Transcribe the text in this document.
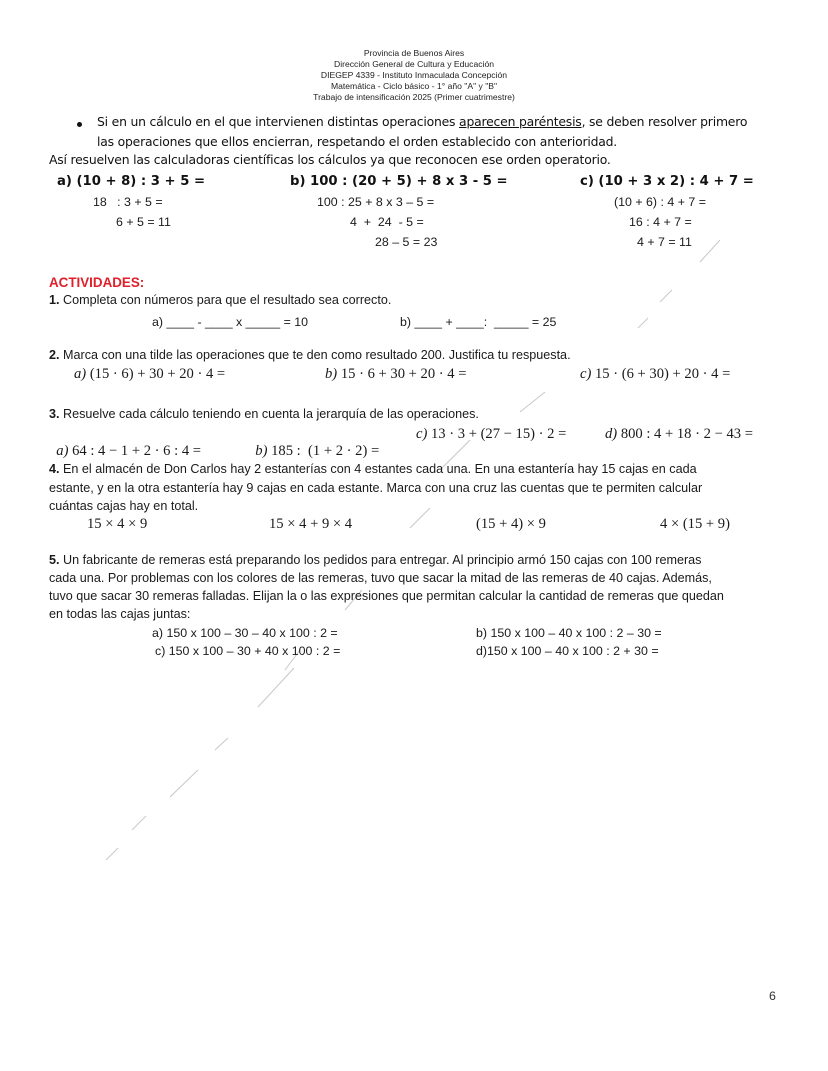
Provincia de Buenos Aires
Dirección General de Cultura y Educación
DIEGEP 4339 - Instituto Inmaculada Concepción
Matemática - Ciclo básico - 1° año "A" y "B"
Trabajo de intensificación 2025 (Primer cuatrimestre)
Si en un cálculo en el que intervienen distintas operaciones aparecen paréntesis, se deben resolver primero
las operaciones que ellos encierran, respetando el orden establecido con anterioridad.
Así resuelven las calculadoras científicas los cálculos ya que reconocen ese orden operatorio.
a) (10 + 8) : 3 + 5 =
18   : 3 + 5 =
6 + 5 = 11
b) 100 : (20 + 5) + 8 x 3 - 5 =
100 : 25 + 8 x 3 – 5 =
4  +  24  - 5 =
28 – 5 = 23
c) (10 + 3 x 2) : 4 + 7 =
(10 + 6) : 4 + 7 =
16 : 4 + 7 =
4 + 7 = 11
ACTIVIDADES:
1. Completa con números para que el resultado sea correcto.
a) ____ - ____ x _____ = 10	b) ____ + ____:  _____ = 25
2. Marca con una tilde las operaciones que te den como resultado 200. Justifica tu respuesta.
a) (15 · 6) + 30 + 20 · 4 =	b) 15 · 6 + 30 + 20 · 4 =	c) 15 · (6 + 30) + 20 · 4 =
3. Resuelve cada cálculo teniendo en cuenta la jerarquía de las operaciones.

a) 64 : 4 − 1 + 2 · 6 : 4 =	b) 185 :  (1 + 2 · 2) =

c) 13 · 3 + (27 − 15) · 2 =	d) 800 : 4 + 18 · 2 − 43 =
4. En el almacén de Don Carlos hay 2 estanterías con 4 estantes cada una. En una estantería hay 15 cajas en cada
estante, y en la otra estantería hay 9 cajas en cada estante. Marca con una cruz las cuentas que te permiten calcular
cuántas cajas hay en total.
15 × 4 × 9	15 × 4 + 9 × 4	(15 + 4) × 9	4 × (15 + 9)
5. Un fabricante de remeras está preparando los pedidos para entregar. Al principio armó 150 cajas con 100 remeras
cada una. Por problemas con los colores de las remeras, tuvo que sacar la mitad de las remeras de 40 cajas. Además,
tuvo que sacar 30 remeras falladas. Elijan la o las expresiones que permitan calcular la cantidad de remeras que quedan
en todas las cajas juntas:
a) 150 x 100 – 30 – 40 x 100 : 2 =	b) 150 x 100 – 40 x 100 : 2 – 30 =
c) 150 x 100 – 30 + 40 x 100 : 2 =	d)150 x 100 – 40 x 100 : 2 + 30 =
6
